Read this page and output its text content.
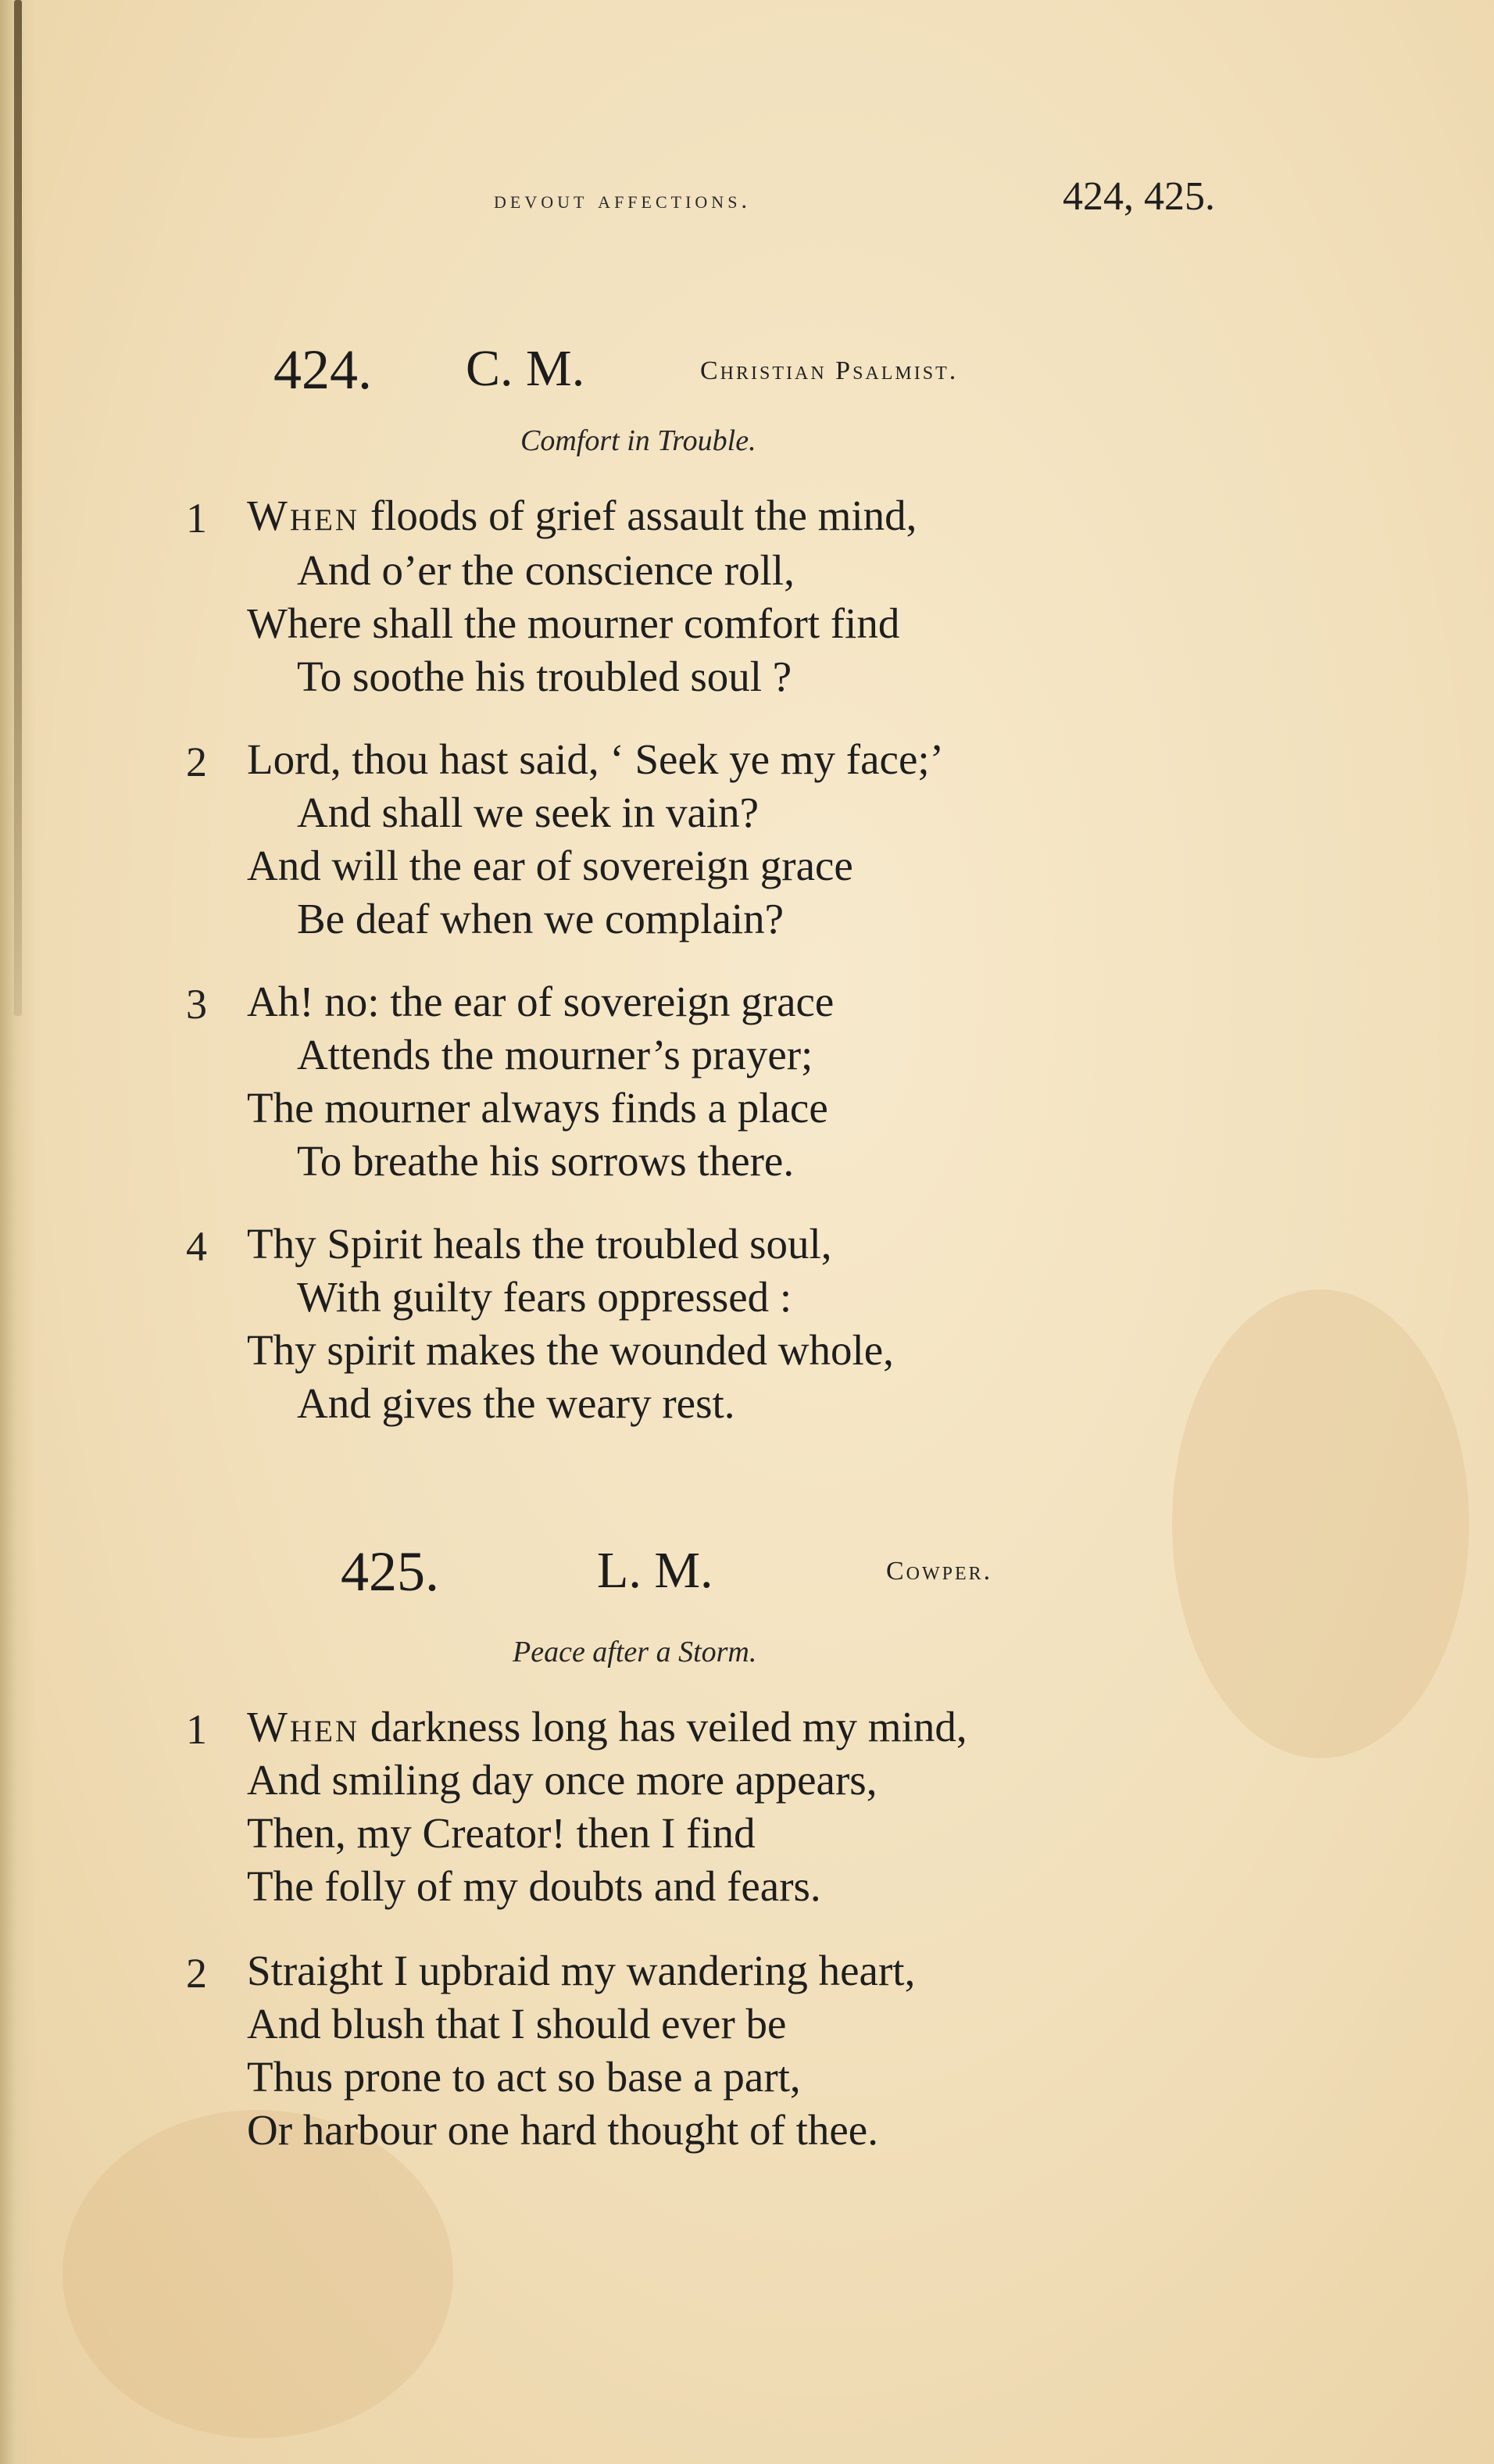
devout affections.	424, 425.
424. C. M.	Christian Psalmist.
Comfort in Trouble.
1 When floods of grief assault the mind,
And o’er the conscience roll,
Where shall the mourner comfort find
To soothe his troubled soul ?
2 Lord, thou hast said, ‘ Seek ye my face;’
And shall we seek in vain?
And will the ear of sovereign grace
Be deaf when we complain?
3 Ah! no: the ear of sovereign grace
Attends the mourner’s prayer;
The mourner always finds a place
To breathe his sorrows there.
4 Thy Spirit heals the troubled soul,
With guilty fears oppressed :
Thy spirit makes the wounded whole,
And gives the weary rest.
425.	L. M.	Cowper.
Peace after a Storm.
1 When darkness long has veiled my mind,
And smiling day once more appears,
Then, my Creator! then I find
The folly of my doubts and fears.
2 Straight I upbraid my wandering heart,
And blush that I should ever be
Thus prone to act so base a part,
Or harbour one hard thought of thee.
